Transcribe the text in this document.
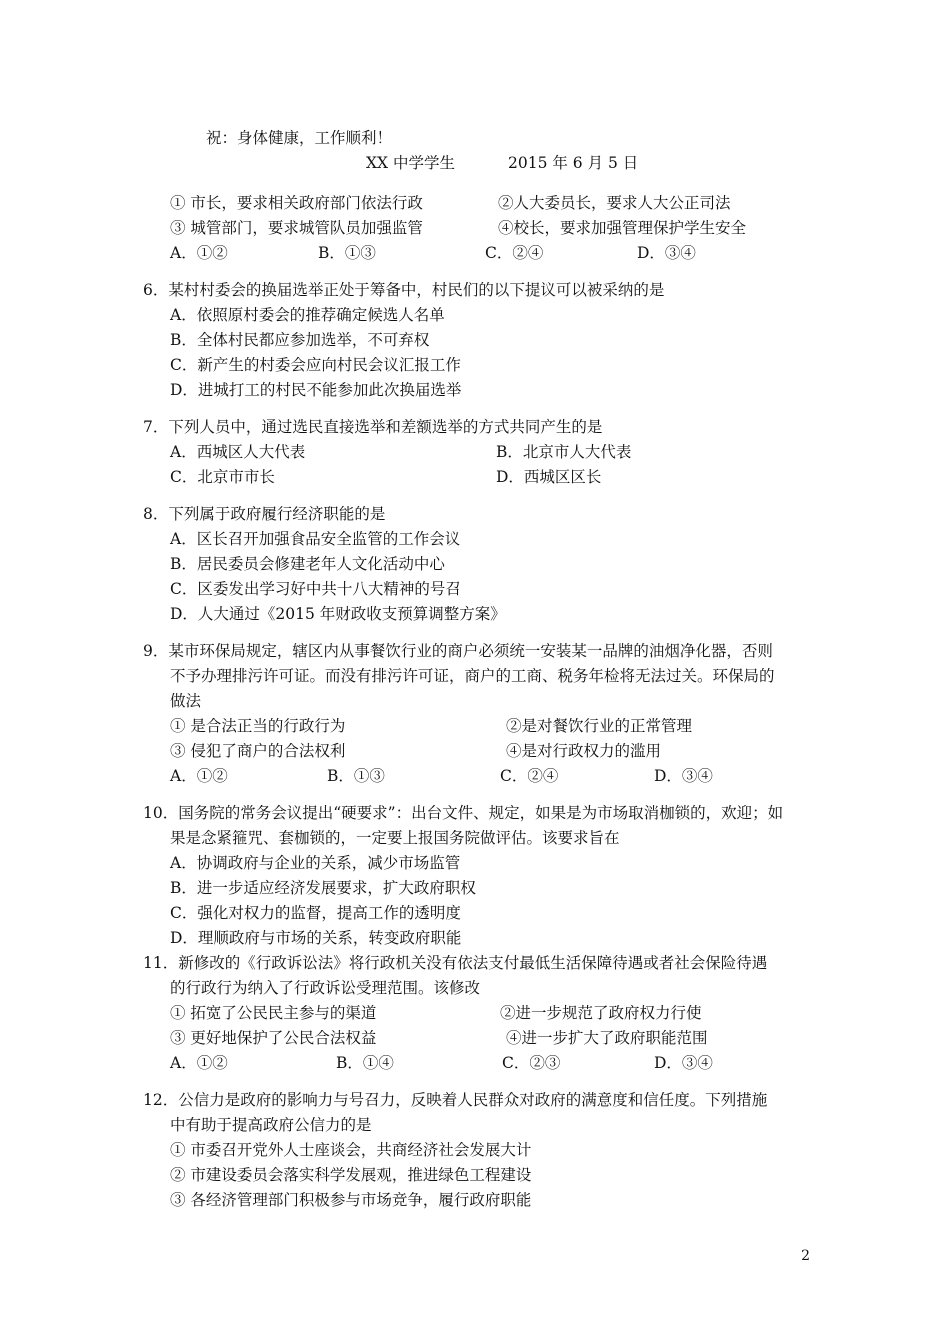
祝：身体健康，工作顺利！
XX 中学学生	2015 年 6 月 5 日
① 市长，要求相关政府部门依法行政	②人大委员长，要求人大公正司法
③ 城管部门，要求城管队员加强监管	④校长，要求加强管理保护学生安全
A．①②	B．①③	C．②④	D．③④
6．某村村委会的换届选举正处于筹备中，村民们的以下提议可以被采纳的是
A．依照原村委会的推荐确定候选人名单
B．全体村民都应参加选举，不可弃权
C．新产生的村委会应向村民会议汇报工作
D．进城打工的村民不能参加此次换届选举
7．下列人员中，通过选民直接选举和差额选举的方式共同产生的是
A．西城区人大代表	B．北京市人大代表
C．北京市市长	D．西城区区长
8．下列属于政府履行经济职能的是
A．区长召开加强食品安全监管的工作会议
B．居民委员会修建老年人文化活动中心
C．区委发出学习好中共十八大精神的号召
D．人大通过《2015 年财政收支预算调整方案》
9．某市环保局规定，辖区内从事餐饮行业的商户必须统一安装某一品牌的油烟净化器，否则
不予办理排污许可证。而没有排污许可证，商户的工商、税务年检将无法过关。环保局的
做法
① 是合法正当的行政行为	②是对餐饮行业的正常管理
③ 侵犯了商户的合法权利	④是对行政权力的滥用
A．①②	B．①③	C．②④	D．③④
10．国务院的常务会议提出“硬要求”：出台文件、规定，如果是为市场取消枷锁的，欢迎；如
果是念紧箍咒、套枷锁的，一定要上报国务院做评估。该要求旨在
A．协调政府与企业的关系，减少市场监管
B．进一步适应经济发展要求，扩大政府职权
C．强化对权力的监督，提高工作的透明度
D．理顺政府与市场的关系，转变政府职能
11．新修改的《行政诉讼法》将行政机关没有依法支付最低生活保障待遇或者社会保险待遇
的行政行为纳入了行政诉讼受理范围。该修改
① 拓宽了公民民主参与的渠道	②进一步规范了政府权力行使
③ 更好地保护了公民合法权益	④进一步扩大了政府职能范围
A．①②	B．①④	C．②③	D．③④
12．公信力是政府的影响力与号召力，反映着人民群众对政府的满意度和信任度。下列措施
中有助于提高政府公信力的是
① 市委召开党外人士座谈会，共商经济社会发展大计
② 市建设委员会落实科学发展观，推进绿色工程建设
③ 各经济管理部门积极参与市场竞争，履行政府职能
2
